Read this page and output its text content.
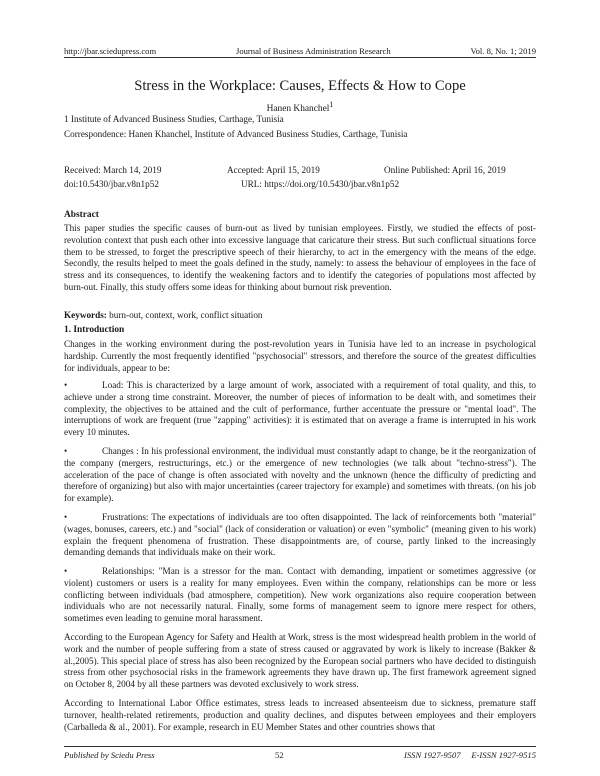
http://jbar.sciedupress.com	Journal of Business Administration Research	Vol. 8, No. 1; 2019
Stress in the Workplace: Causes, Effects & How to Cope
Hanen Khanchel$^1$
1 Institute of Advanced Business Studies, Carthage, Tunisia
Correspondence: Hanen Khanchel, Institute of Advanced Business Studies, Carthage, Tunisia
Received: March 14, 2019	Accepted: April 15, 2019	Online Published: April 16, 2019
doi:10.5430/jbar.v8n1p52	URL: https://doi.org/10.5430/jbar.v8n1p52
Abstract
This paper studies the specific causes of burn-out as lived by tunisian employees. Firstly, we studied the effects of post-revolution context that push each other into excessive language that caricature their stress. But such conflictual situations force them to be stressed, to forget the prescriptive speech of their hierarchy, to act in the emergency with the means of the edge. Secondly, the results helped to meet the goals defined in the study, namely: to assess the behaviour of employees in the face of stress and its consequences, to identify the weakening factors and to identify the categories of populations most affected by burn-out. Finally, this study offers some ideas for thinking about burnout risk prevention.
Keywords: burn-out, context, work, conflict situation
1. Introduction
Changes in the working environment during the post-revolution years in Tunisia have led to an increase in psychological hardship. Currently the most frequently identified "psychosocial" stressors, and therefore the source of the greatest difficulties for individuals, appear to be:
•	Load: This is characterized by a large amount of work, associated with a requirement of total quality, and this, to achieve under a strong time constraint. Moreover, the number of pieces of information to be dealt with, and sometimes their complexity, the objectives to be attained and the cult of performance, further accentuate the pressure or "mental load". The interruptions of work are frequent (true "zapping" activities): it is estimated that on average a frame is interrupted in his work every 10 minutes.
•	Changes : In his professional environment, the individual must constantly adapt to change, be it the reorganization of the company (mergers, restructurings, etc.) or the emergence of new technologies (we talk about "techno-stress"). The acceleration of the pace of change is often associated with novelty and the unknown (hence the difficulty of predicting and therefore of organizing) but also with major uncertainties (career trajectory for example) and sometimes with threats. (on his job for example).
•	Frustrations: The expectations of individuals are too often disappointed. The lack of reinforcements both "material" (wages, bonuses, careers, etc.) and "social" (lack of consideration or valuation) or even "symbolic" (meaning given to his work) explain the frequent phenomena of frustration. These disappointments are, of course, partly linked to the increasingly demanding demands that individuals make on their work.
•	Relationships: "Man is a stressor for the man. Contact with demanding, impatient or sometimes aggressive (or violent) customers or users is a reality for many employees. Even within the company, relationships can be more or less conflicting between individuals (bad atmosphere, competition). New work organizations also require cooperation between individuals who are not necessarily natural. Finally, some forms of management seem to ignore mere respect for others, sometimes even leading to genuine moral harassment.
According to the European Agency for Safety and Health at Work, stress is the most widespread health problem in the world of work and the number of people suffering from a state of stress caused or aggravated by work is likely to increase (Bakker & al.,2005). This special place of stress has also been recognized by the European social partners who have decided to distinguish stress from other psychosocial risks in the framework agreements they have drawn up. The first framework agreement signed on October 8, 2004 by all these partners was devoted exclusively to work stress.
According to International Labor Office estimates, stress leads to increased absenteeism due to sickness, premature staff turnover, health-related retirements, production and quality declines, and disputes between employees and their employers (Carballeda & al., 2001). For example, research in EU Member States and other countries shows that
Published by Sciedu Press	52	ISSN 1927-9507     E-ISSN 1927-9515
